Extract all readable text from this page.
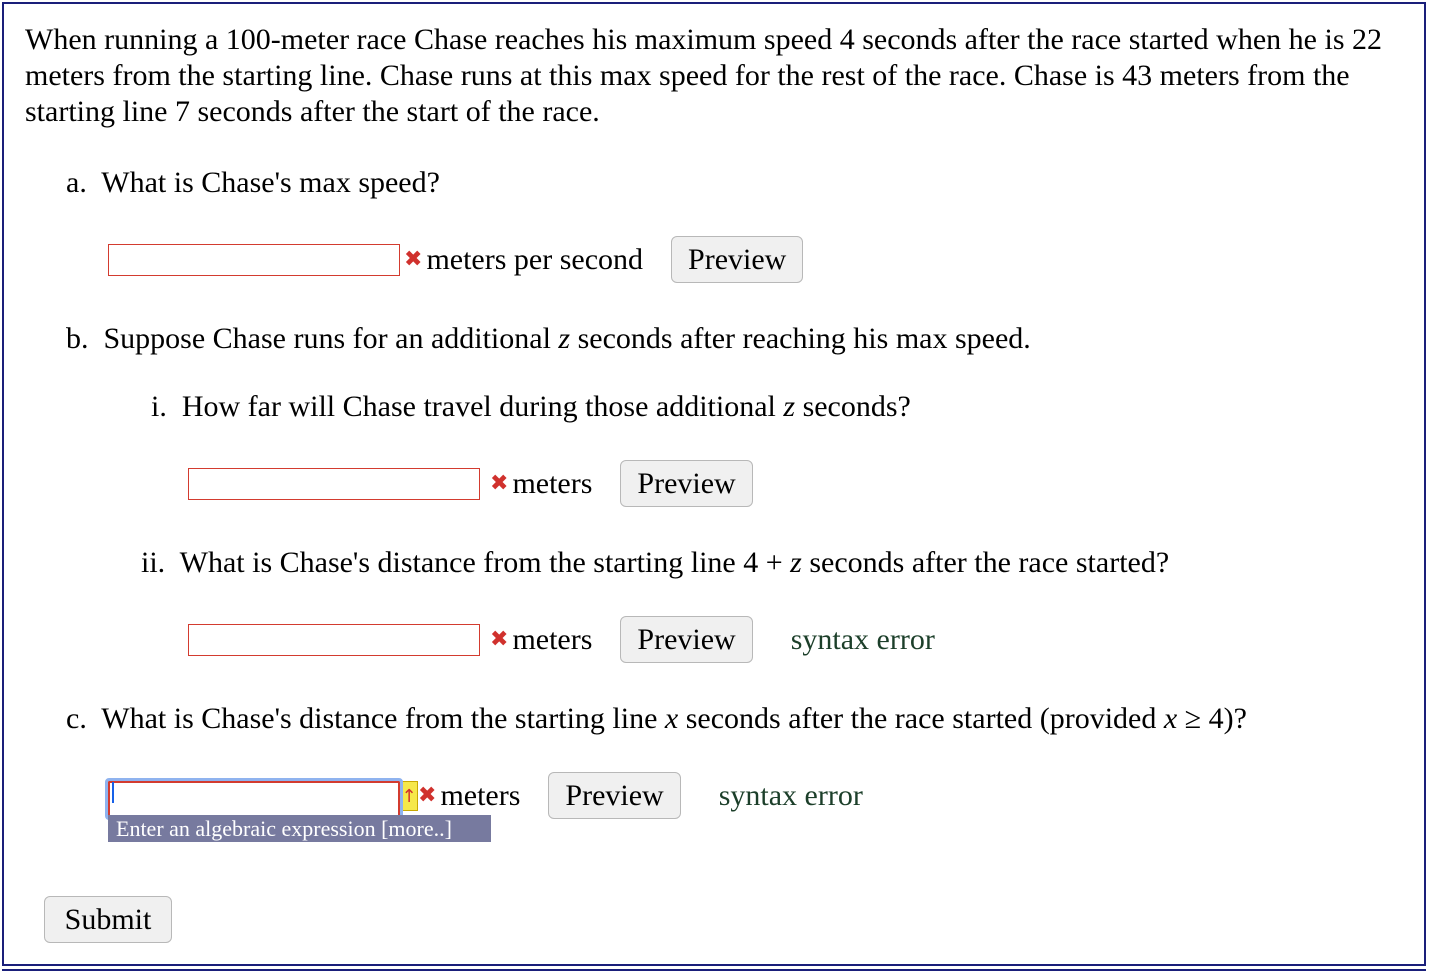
When running a 100-meter race Chase reaches his maximum speed 4 seconds after the race started when he is 22 meters from the starting line. Chase runs at this max speed for the rest of the race. Chase is 43 meters from the starting line 7 seconds after the start of the race.
a. What is Chase's max speed?
✖ meters per second	Preview
b. Suppose Chase runs for an additional z seconds after reaching his max speed.
i. How far will Chase travel during those additional z seconds?
✖ meters	Preview
ii. What is Chase's distance from the starting line 4 + z seconds after the race started?
✖ meters	Preview	syntax error
c. What is Chase's distance from the starting line x seconds after the race started (provided x ≥ 4)?
↑ ✖ meters	Preview	syntax error
Enter an algebraic expression [more..]
Submit
